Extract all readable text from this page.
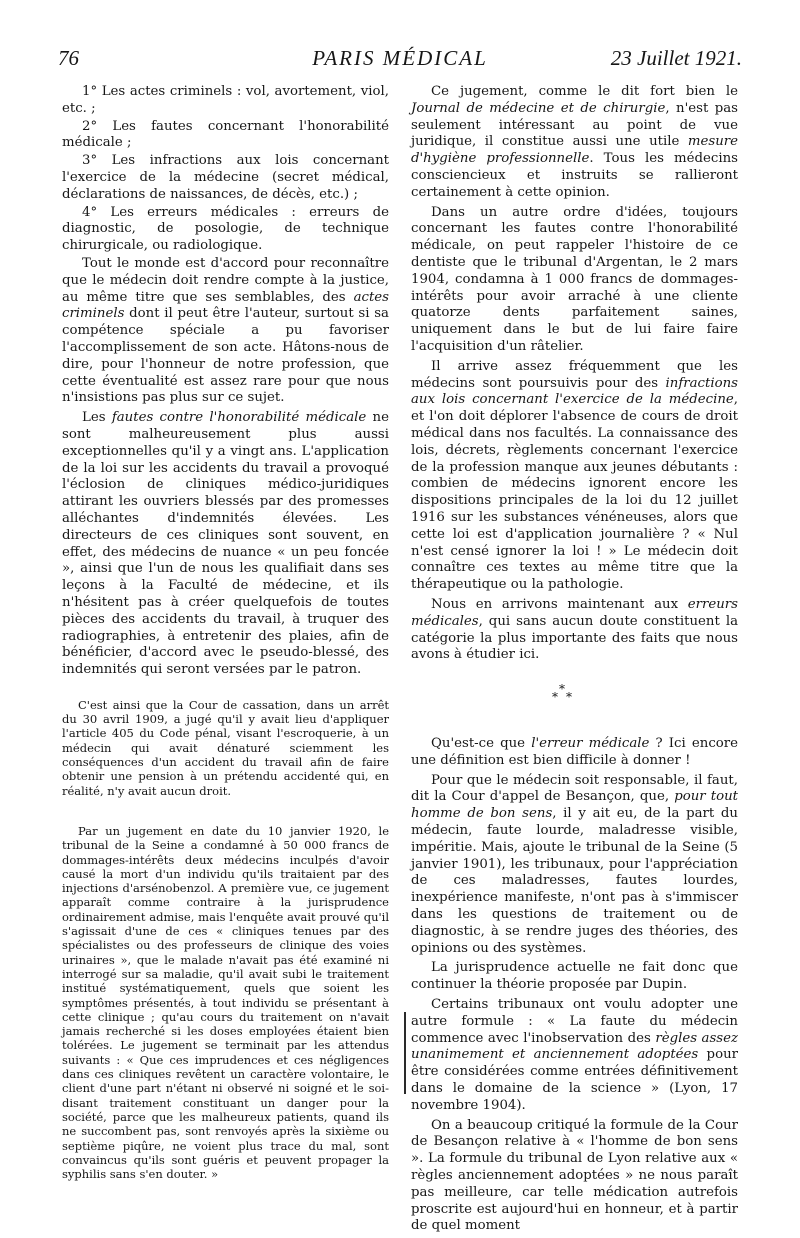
76	PARIS MÉDICAL	23 Juillet 1921.

1° Les actes criminels : vol, avortement, viol, etc. ;

2° Les fautes concernant l'honorabilité médicale ;

3° Les infractions aux lois concernant l'exercice de la médecine (secret médical, déclarations de naissances, de décès, etc.) ;

4° Les erreurs médicales : erreurs de diagnostic, de posologie, de technique chirurgicale, ou radiologique.

Tout le monde est d'accord pour reconnaître que le médecin doit rendre compte à la justice, au même titre que ses semblables, des actes criminels dont il peut être l'auteur, surtout si sa compétence spéciale a pu favoriser l'accomplissement de son acte. Hâtons-nous de dire, pour l'honneur de notre profession, que cette éventualité est assez rare pour que nous n'insistions pas plus sur ce sujet.

Les fautes contre l'honorabilité médicale ne sont malheureusement plus aussi exceptionnelles qu'il y a vingt ans. L'application de la loi sur les accidents du travail a provoqué l'éclosion de cliniques médico-juridiques attirant les ouvriers blessés par des promesses alléchantes d'indemnités élevées. Les directeurs de ces cliniques sont souvent, en effet, des médecins de nuance « un peu foncée », ainsi que l'un de nous les qualifiait dans ses leçons à la Faculté de médecine, et ils n'hésitent pas à créer quelquefois de toutes pièces des accidents du travail, à truquer des radiographies, à entretenir des plaies, afin de bénéficier, d'accord avec le pseudo-blessé, des indemnités qui seront versées par le patron.

C'est ainsi que la Cour de cassation, dans un arrêt du 30 avril 1909, a jugé qu'il y avait lieu d'appliquer l'article 405 du Code pénal, visant l'escroquerie, à un médecin qui avait dénaturé sciemment les conséquences d'un accident du travail afin de faire obtenir une pension à un prétendu accidenté qui, en réalité, n'y avait aucun droit.

Par un jugement en date du 10 janvier 1920, le tribunal de la Seine a condamné à 50 000 francs de dommages-intérêts deux médecins inculpés d'avoir causé la mort d'un individu qu'ils traitaient par des injections d'arsénobenzol. A première vue, ce jugement apparaît comme contraire à la jurisprudence ordinairement admise, mais l'enquête avait prouvé qu'il s'agissait d'une de ces « cliniques tenues par des spécialistes ou des professeurs de clinique des voies urinaires », que le malade n'avait pas été examiné ni interrogé sur sa maladie, qu'il avait subi le traitement institué systématiquement, quels que soient les symptômes présentés, à tout individu se présentant à cette clinique ; qu'au cours du traitement on n'avait jamais recherché si les doses employées étaient bien tolérées. Le jugement se terminait par les attendus suivants : « Que ces imprudences et ces négligences dans ces cliniques revêtent un caractère volontaire, le client d'une part n'étant ni observé ni soigné et le soi-disant traitement constituant un danger pour la société, parce que les malheureux patients, quand ils ne succombent pas, sont renvoyés après la sixième ou septième piqûre, ne voient plus trace du mal, sont convaincus qu'ils sont guéris et peuvent propager la syphilis sans s'en douter. »

Ce jugement, comme le dit fort bien le Journal de médecine et de chirurgie, n'est pas seulement intéressant au point de vue juridique, il constitue aussi une utile mesure d'hygiène professionnelle. Tous les médecins consciencieux et instruits se rallieront certainement à cette opinion.

Dans un autre ordre d'idées, toujours concernant les fautes contre l'honorabilité médicale, on peut rappeler l'histoire de ce dentiste que le tribunal d'Argentan, le 2 mars 1904, condamna à 1 000 francs de dommages-intérêts pour avoir arraché à une cliente quatorze dents parfaitement saines, uniquement dans le but de lui faire faire l'acquisition d'un râtelier.

Il arrive assez fréquemment que les médecins sont poursuivis pour des infractions aux lois concernant l'exercice de la médecine, et l'on doit déplorer l'absence de cours de droit médical dans nos facultés. La connaissance des lois, décrets, règlements concernant l'exercice de la profession manque aux jeunes débutants : combien de médecins ignorent encore les dispositions principales de la loi du 12 juillet 1916 sur les substances vénéneuses, alors que cette loi est d'application journalière ? « Nul n'est censé ignorer la loi ! » Le médecin doit connaître ces textes au même titre que la thérapeutique ou la pathologie.

Nous en arrivons maintenant aux erreurs médicales, qui sans aucun doute constituent la catégorie la plus importante des faits que nous avons à étudier ici.

*
* *

Qu'est-ce que l'erreur médicale ? Ici encore une définition est bien difficile à donner !

Pour que le médecin soit responsable, il faut, dit la Cour d'appel de Besançon, que, pour tout homme de bon sens, il y ait eu, de la part du médecin, faute lourde, maladresse visible, impéritie. Mais, ajoute le tribunal de la Seine (5 janvier 1901), les tribunaux, pour l'appréciation de ces maladresses, fautes lourdes, inexpérience manifeste, n'ont pas à s'immiscer dans les questions de traitement ou de diagnostic, à se rendre juges des théories, des opinions ou des systèmes.

La jurisprudence actuelle ne fait donc que continuer la théorie proposée par Dupin.

Certains tribunaux ont voulu adopter une autre formule : « La faute du médecin commence avec l'inobservation des règles assez unanimement et anciennement adoptées pour être considérées comme entrées définitivement dans le domaine de la science » (Lyon, 17 novembre 1904).

On a beaucoup critiqué la formule de la Cour de Besançon relative à « l'homme de bon sens ». La formule du tribunal de Lyon relative aux « règles anciennement adoptées » ne nous paraît pas meilleure, car telle médication autrefois proscrite est aujourd'hui en honneur, et à partir de quel moment
